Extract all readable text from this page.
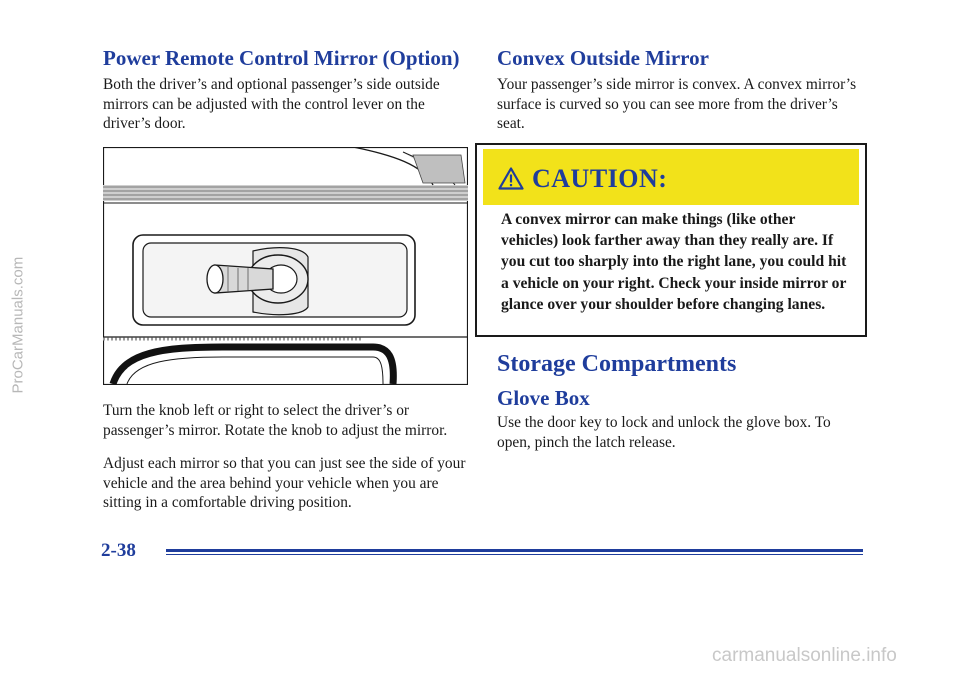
Power Remote Control Mirror (Option)

Both the driver’s and optional passenger’s side outside mirrors can be adjusted with the control lever on the driver’s door.

Turn the knob left or right to select the driver’s or passenger’s mirror. Rotate the knob to adjust the mirror.

Adjust each mirror so that you can just see the side of your vehicle and the area behind your vehicle when you are sitting in a comfortable driving position.

Convex Outside Mirror

Your passenger’s side mirror is convex. A convex mirror’s surface is curved so you can see more from the driver’s seat.

CAUTION:
A convex mirror can make things (like other vehicles) look farther away than they really are. If you cut too sharply into the right lane, you could hit a vehicle on your right. Check your inside mirror or glance over your shoulder before changing lanes.
Storage Compartments
Glove Box

Use the door key to lock and unlock the glove box. To open, pinch the latch release.

2-38
ProCarManuals.com
carmanualsonline.info
